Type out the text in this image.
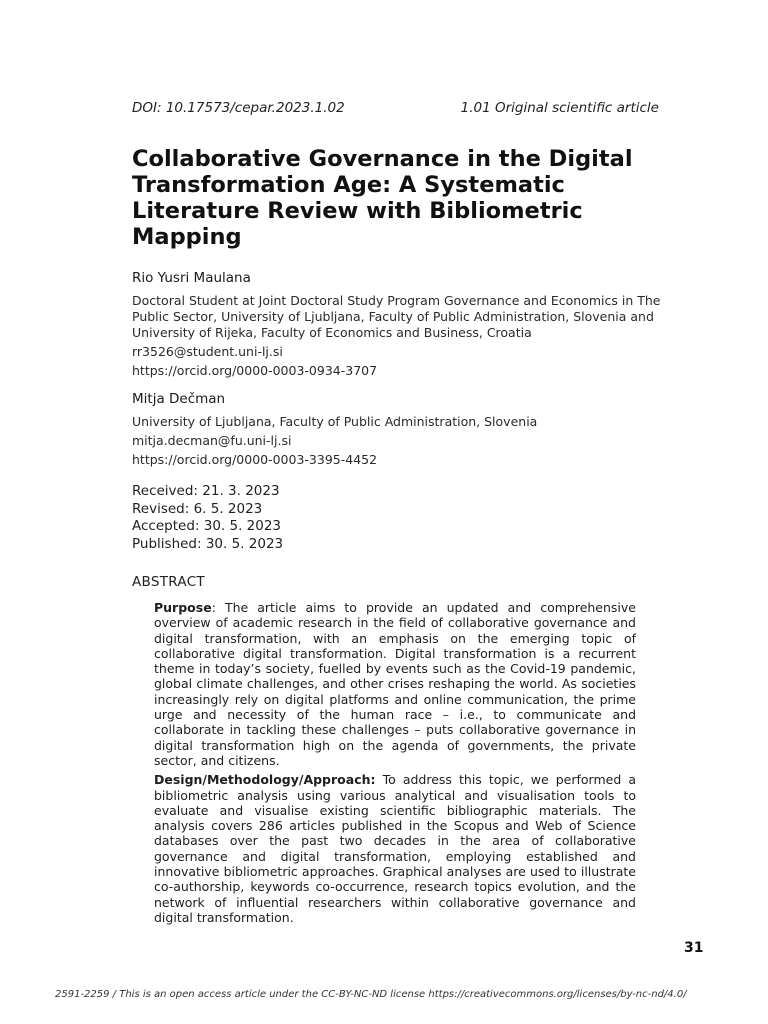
DOI: 10.17573/cepar.2023.1.02	1.01 Original scientific article
Collaborative Governance in the Digital Transformation Age: A Systematic Literature Review with Bibliometric Mapping

Rio Yusri Maulana

Doctoral Student at Joint Doctoral Study Program Governance and Economics in The Public Sector, University of Ljubljana, Faculty of Public Administration, Slovenia and University of Rijeka, Faculty of Economics and Business, Croatia

rr3526@student.uni-lj.si

https://orcid.org/0000-0003-0934-3707

Mitja Dečman

University of Ljubljana, Faculty of Public Administration, Slovenia

mitja.decman@fu.uni-lj.si

https://orcid.org/0000-0003-3395-4452

Received: 21. 3. 2023
Revised: 6. 5. 2023
Accepted: 30. 5. 2023
Published: 30. 5. 2023
ABSTRACT

Purpose: The article aims to provide an updated and comprehensive overview of academic research in the field of collaborative governance and digital transformation, with an emphasis on the emerging topic of collaborative digital transformation. Digital transformation is a recurrent theme in today’s society, fuelled by events such as the Covid-19 pandemic, global climate challenges, and other crises reshaping the world. As societies increasingly rely on digital platforms and online communication, the prime urge and necessity of the human race – i.e., to communicate and collaborate in tackling these challenges – puts collaborative governance in digital transformation high on the agenda of governments, the private sector, and citizens.

Design/Methodology/Approach: To address this topic, we performed a bibliometric analysis using various analytical and visualisation tools to evaluate and visualise existing scientific bibliographic materials. The analysis covers 286 articles published in the Scopus and Web of Science databases over the past two decades in the area of collaborative governance and digital transformation, employing established and innovative bibliometric approaches. Graphical analyses are used to illustrate co-authorship, keywords co-occurrence, research topics evolution, and the network of influential researchers within collaborative governance and digital transformation.

31
2591-2259 / This is an open access article under the CC-BY-NC-ND license https://creativecommons.org/licenses/by-nc-nd/4.0/
